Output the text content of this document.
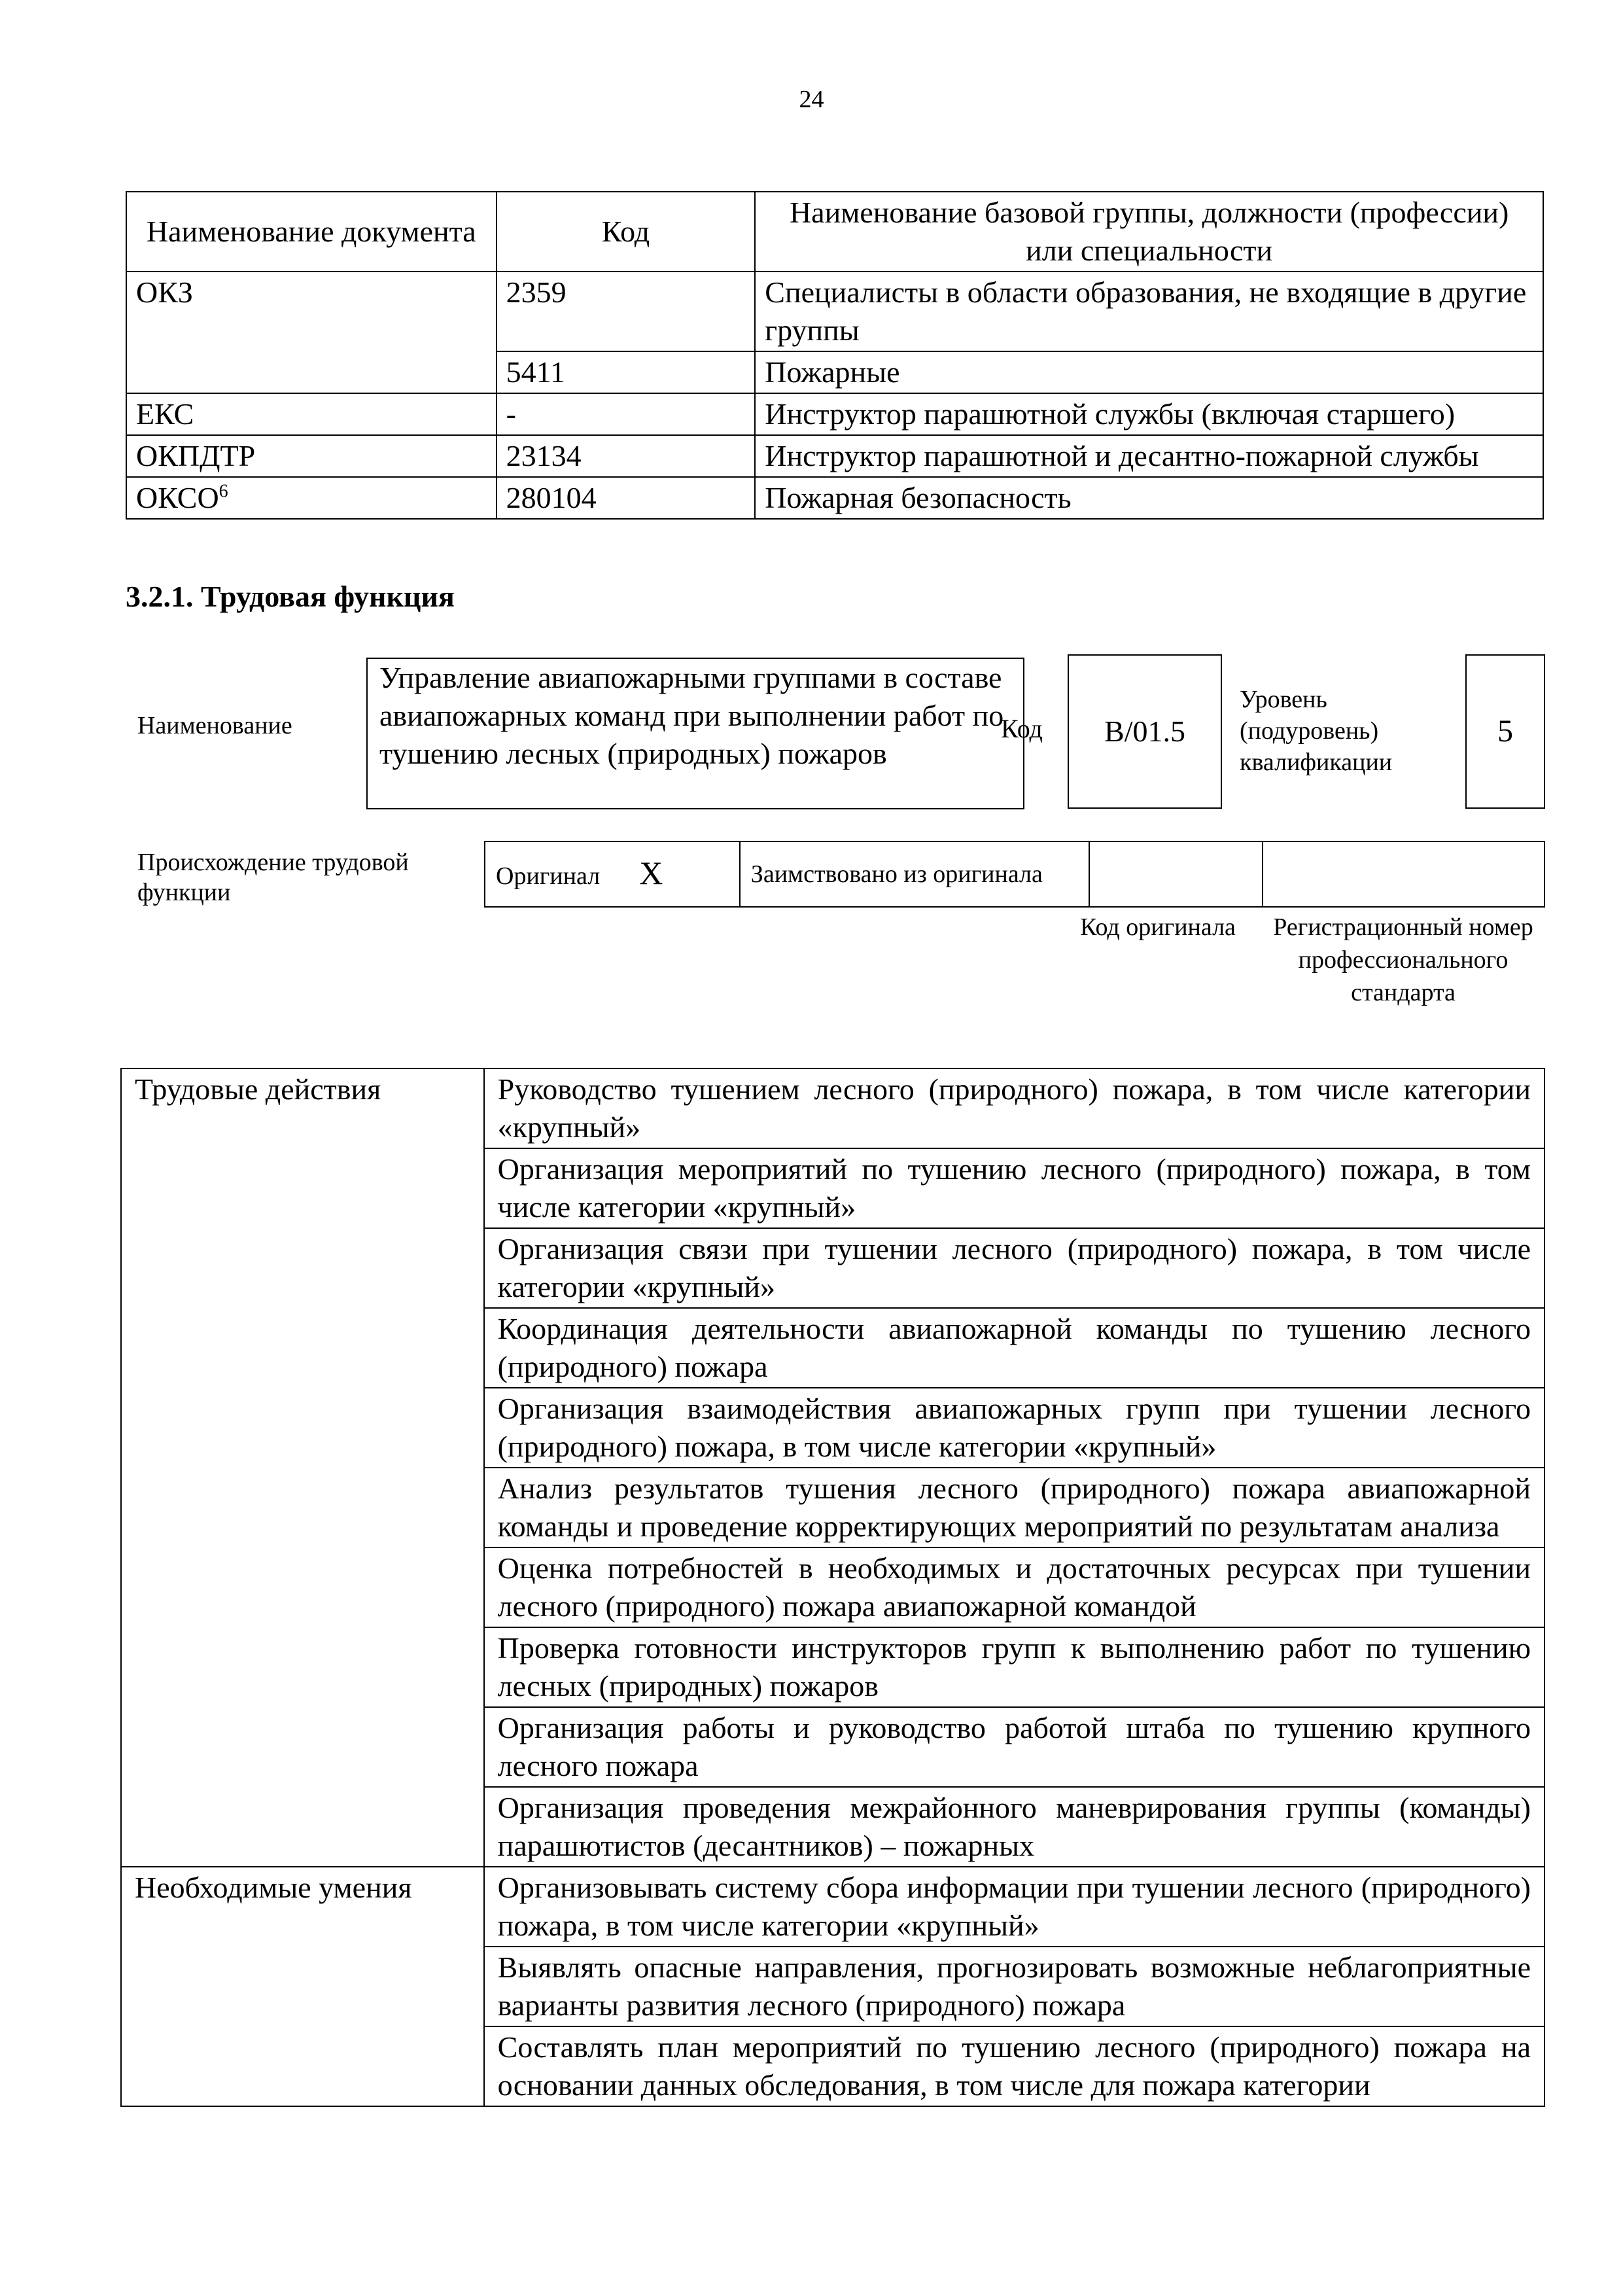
24
Наименование документа	Код	Наименование базовой группы, должности (профессии) или специальности
ОКЗ	2359	Специалисты в области образования, не входящие в другие группы
	5411	Пожарные
ЕКС	-	Инструктор парашютной службы (включая старшего)
ОКПДТР	23134	Инструктор парашютной и десантно-пожарной службы
ОКСО$^6$	280104	Пожарная безопасность
3.2.1. Трудовая функция
Наименование
Управление авиапожарными группами в составе авиапожарных команд при выполнении работ по тушению лесных (природных) пожаров
Код	В/01.5
Уровень (подуровень) квалификации
5
Происхождение трудовой функции
Оригинал X	Заимствовано из оригинала		
Код оригинала	Регистрационный номер профессионального стандарта
Трудовые действия	Руководство тушением лесного (природного) пожара, в том числе категории «крупный»
	Организация мероприятий по тушению лесного (природного) пожара, в том числе категории «крупный»
	Организация связи при тушении лесного (природного) пожара, в том числе категории «крупный»
	Координация деятельности авиапожарной команды по тушению лесного (природного) пожара
	Организация взаимодействия авиапожарных групп при тушении лесного (природного) пожара, в том числе категории «крупный»
	Анализ результатов тушения лесного (природного) пожара авиапожарной команды и проведение корректирующих мероприятий по результатам анализа
	Оценка потребностей в необходимых и достаточных ресурсах при тушении лесного (природного) пожара авиапожарной командой
	Проверка готовности инструкторов групп к выполнению работ по тушению лесных (природных) пожаров
	Организация работы и руководство работой штаба по тушению крупного лесного пожара
	Организация проведения межрайонного маневрирования группы (команды) парашютистов (десантников) – пожарных
Необходимые умения	Организовывать систему сбора информации при тушении лесного (природного) пожара, в том числе категории «крупный»
	Выявлять опасные направления, прогнозировать возможные неблагоприятные варианты развития лесного (природного) пожара
	Составлять план мероприятий по тушению лесного (природного) пожара на основании данных обследования, в том числе для пожара категории
